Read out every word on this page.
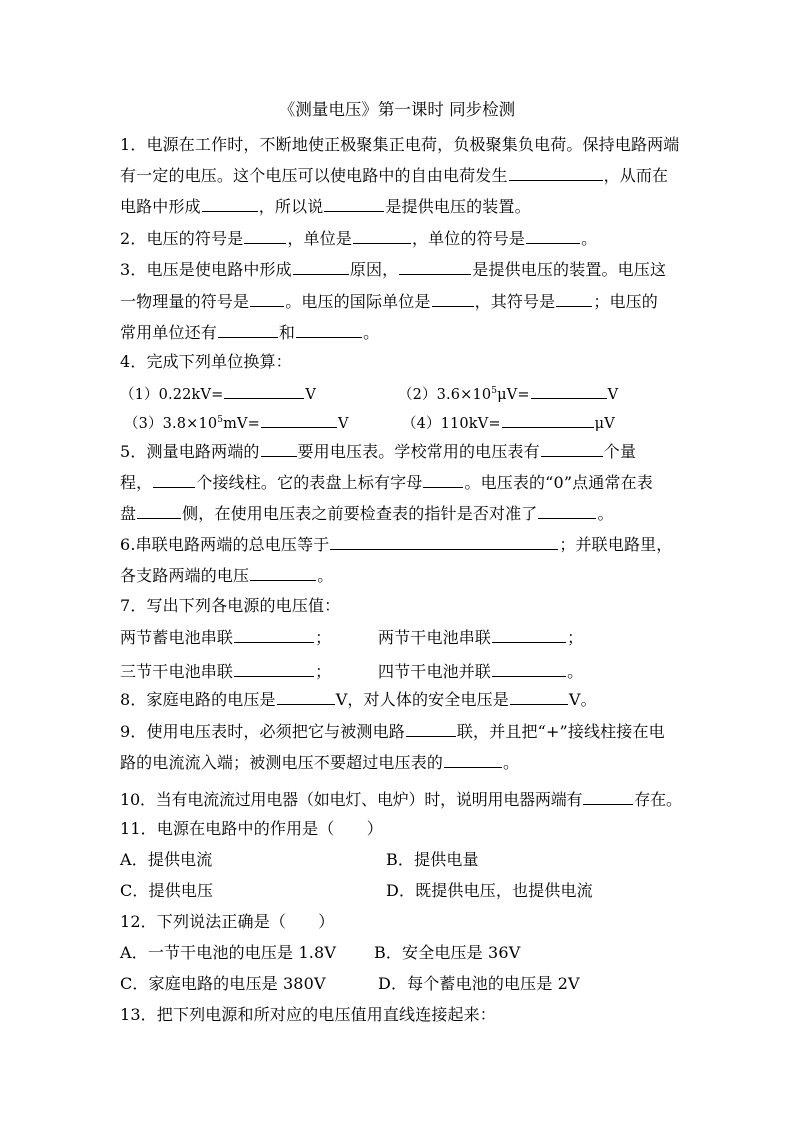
《测量电压》第一课时 同步检测
1．电源在工作时，不断地使正极聚集正电荷，负极聚集负电荷。保持电路两端
有一定的电压。这个电压可以使电路中的自由电荷发生	，从而在
电路中形成	，所以说	是提供电压的装置。
2．电压的符号是	，单位是	，单位的符号是	。
3．电压是使电路中形成	原因，	是提供电压的装置。电压这
一物理量的符号是 。电压的国际单位是	，其符号是 ；电压的
常用单位还有	和	。
4．完成下列单位换算：
（1）0.22kV=	V	$(2)3.6\times 10^5\mu V=$	V
$(3)3.8\times 10^5mV=$	V	（4）110kV=	μV
5．测量电路两端的 要用电压表。学校常用的电压表有	个量
程，	个接线柱。它的表盘上标有字母	。电压表的“0”点通常在表
盘	侧，在使用电压表之前要检查表的指针是否对准了	。
6.串联电路两端的总电压等于	；并联电路里，
各支路两端的电压	。
7．写出下列各电源的电压值：
两节蓄电池串联	；	两节干电池串联	；
三节干电池串联	；	四节干电池并联	。
8．家庭电路的电压是	V，对人体的安全电压是	V。
9．使用电压表时，必须把它与被测电路	联，并且把“+”接线柱接在电
路的电流流入端；被测电压不要超过电压表的	。
10．当有电流流过用电器（如电灯、电炉）时，说明用电器两端有	存在。
11．电源在电路中的作用是（　　）
A．提供电流	B．提供电量
C．提供电压	D．既提供电压，也提供电流
12．下列说法正确是（　　）
A．一节干电池的电压是 1.8V B．安全电压是 36V
C．家庭电路的电压是 380V	D．每个蓄电池的电压是 2V
13．把下列电源和所对应的电压值用直线连接起来：
